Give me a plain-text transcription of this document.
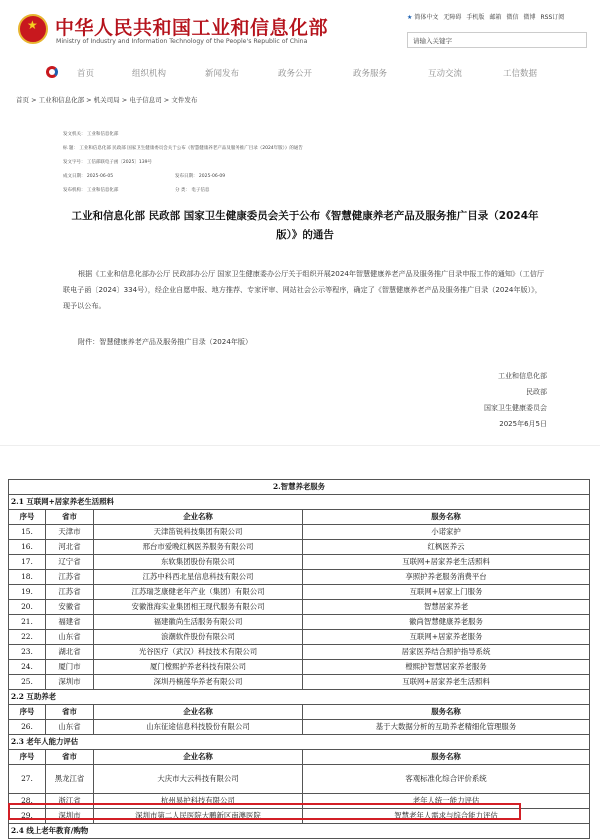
★ 中华人民共和国工业和信息化部
Ministry of Industry and Information Technology of the People's Republic of China
★ 简体中文 无障碍 手机版 邮箱 微信 微博 RSS订阅
请输入关键字
首页	组织机构	新闻发布	政务公开	政务服务	互动交流	工信数据
首页 > 工业和信息化部 > 机关司局 > 电子信息司 > 文件发布
发文机关： 工业和信息化部
标 题： 工业和信息化部 民政部 国家卫生健康委员会关于公布《智慧健康养老产品及服务推广目录（2024年版）》的通告
发文字号： 工信部联电子函〔2025〕139号
成文日期： 2025-06-05	发布日期： 2025-06-09
发布机构： 工业和信息化部	分 类： 电子信息
工业和信息化部 民政部 国家卫生健康委员会关于公布《智慧健康养老产品及服务推广目录（2024年版）》的通告
根据《工业和信息化部办公厅 民政部办公厅 国家卫生健康委办公厅关于组织开展2024年智慧健康养老产品及服务推广目录申报工作的通知》（工信厅联电子函〔2024〕334号），经企业自愿申报、地方推荐、专家评审、网站社会公示等程序，确定了《智慧健康养老产品及服务推广目录（2024年版）》，现予以公布。
附件：智慧健康养老产品及服务推广目录（2024年版）
工业和信息化部
民政部
国家卫生健康委员会
2025年6月5日
2.智慧养老服务			
2.1 互联网+居家养老生活照料			
序号	省市	企业名称	服务名称
15.	天津市	天津笛锐科技集团有限公司	小诺家护
16.	河北省	邢台市爱晚红枫医养服务有限公司	红枫医养云
17.	辽宁省	东软集团股份有限公司	互联网+居家养老生活照料
18.	江苏省	江苏中科西北星信息科技有限公司	享照护养老服务消费平台
19.	江苏省	江苏瑞芝康健老年产业（集团）有限公司	互联网+居家上门服务
20.	安徽省	安徽淮海实业集团相王现代服务有限公司	智慧居家养老
21.	福建省	福建徽尚生活服务有限公司	徽尚智慧健康养老服务
22.	山东省	浪潮软件股份有限公司	互联网+居家养老服务
23.	湖北省	光谷医疗（武汉）科技技术有限公司	居家医养结合照护指导系统
24.	厦门市	厦门樘熙护养老科技有限公司	樘熙护智慧居家养老服务
25.	深圳市	深圳丹楠莲华养老有限公司	互联网+居家养老生活照料
2.2 互助养老			
序号	省市	企业名称	服务名称
26.	山东省	山东征途信息科技股份有限公司	基于大数据分析的互助养老精细化管理服务
2.3 老年人能力评估			
序号	省市	企业名称	服务名称
27.	黑龙江省	大庆市大云科技有限公司	客观标准化综合评价系统
28.	浙江省	杭州易护科技有限公司	老年人统一能力评估
29.	深圳市	深圳市第二人民医院大鹏新区南澳医院	智慧老年人需求与综合能力评估
2.4 线上老年教育/购物			
